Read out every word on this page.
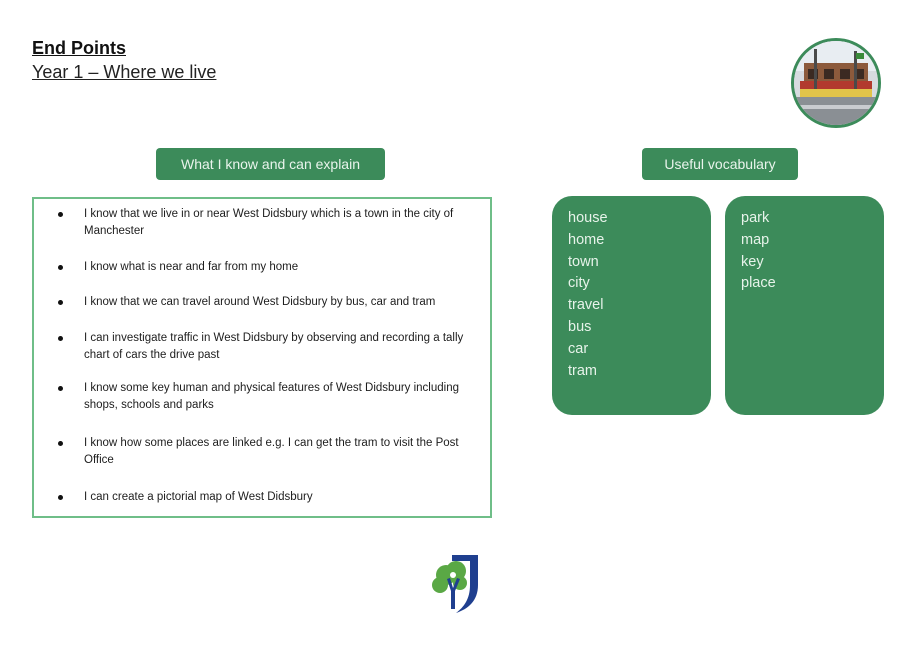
End Points
Year 1 – Where we live
What I know and can explain	Useful vocabulary
I know that we live in or near West Didsbury which is a town in the city of Manchester
I know what is near and far from my home
I know that we can travel around West Didsbury by bus, car and tram
I can investigate traffic in West Didsbury by observing and recording a tally chart of cars the drive past
I know some key human and physical features of West Didsbury including shops, schools and parks
I know how some places are linked e.g. I can get the tram to visit the Post Office
I can create a pictorial map of West Didsbury
house
home
town
city
travel
bus
car
tram
park
map
key
place
